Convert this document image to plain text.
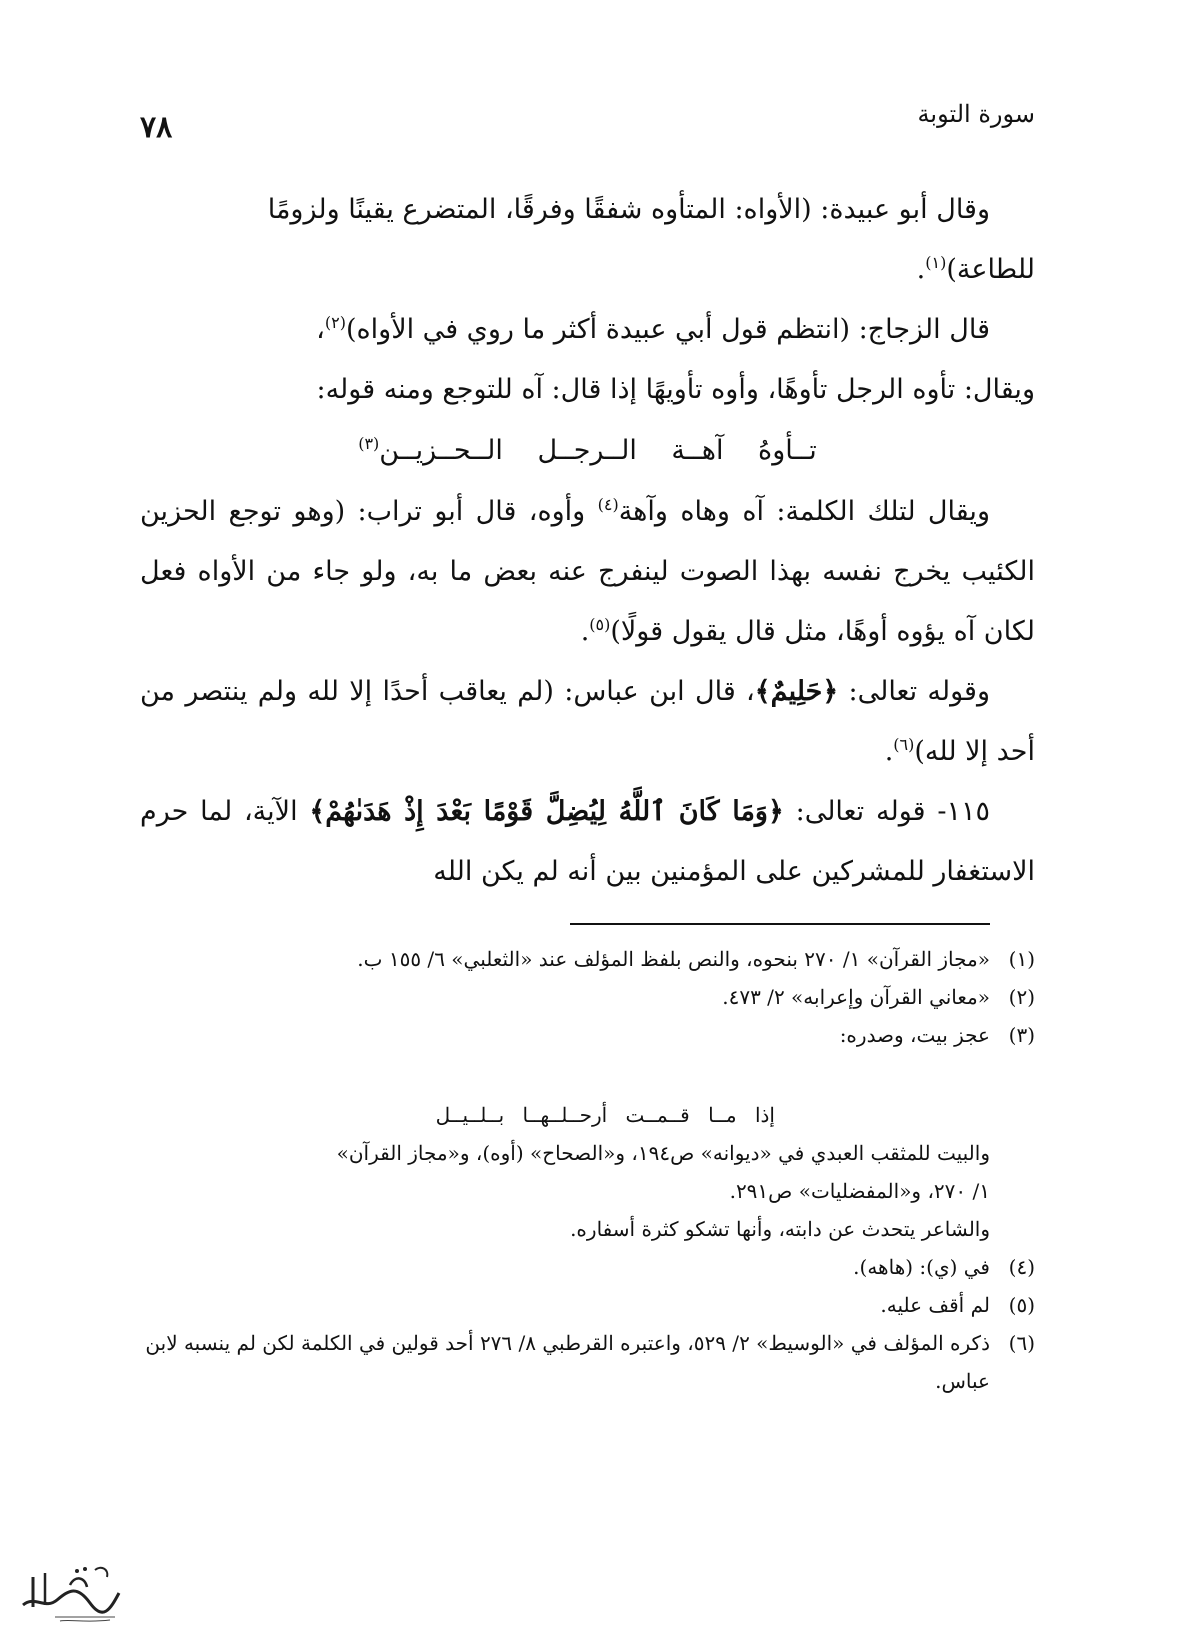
سورة التوبة
٧٨

وقال أبو عبيدة: (الأواه: المتأوه شفقًا وفرقًا، المتضرع يقينًا ولزومًا
للطاعة)$^{(١)}$.

قال الزجاج: (انتظم قول أبي عبيدة أكثر ما روي في الأواه)$^{(٢)}$،
ويقال: تأوه الرجل تأوهًا، وأوه تأويهًا إذا قال: آه للتوجع ومنه قوله:

تــأوهُ آهــة الــرجــل الــحــزيــن$^{(٣)}$

ويقال لتلك الكلمة: آه وهاه وآهة$^{(٤)}$ وأوه، قال أبو تراب: (وهو توجع الحزين الكئيب يخرج نفسه بهذا الصوت لينفرج عنه بعض ما به، ولو جاء من الأواه فعل لكان آه يؤوه أوهًا، مثل قال يقول قولًا)$^{(٥)}$.

وقوله تعالى: ﴿حَلِيمٌ﴾، قال ابن عباس: (لم يعاقب أحدًا إلا لله ولم ينتصر من أحد إلا لله)$^{(٦)}$.

١١٥- قوله تعالى: ﴿وَمَا كَانَ ٱللَّهُ لِيُضِلَّ قَوْمًا بَعْدَ إِذْ هَدَىٰهُمْ﴾ الآية، لما حرم الاستغفار للمشركين على المؤمنين بين أنه لم يكن الله

(١)
«مجاز القرآن» ١/ ٢٧٠ بنحوه، والنص بلفظ المؤلف عند «الثعلبي» ٦/ ١٥٥ ب.

(٢)
«معاني القرآن وإعرابه» ٢/ ٤٧٣.

(٣)
عجز بيت، وصدره:

إذا مــا قــمــت أرحــلــهــا بــلــيــل

والبيت للمثقب العبدي في «ديوانه» ص١٩٤، و«الصحاح» (أوه)، و«مجاز القرآن»

١/ ٢٧٠، و«المفضليات» ص٢٩١.

والشاعر يتحدث عن دابته، وأنها تشكو كثرة أسفاره.

(٤)
في (ي): (هاهه).

(٥)
لم أقف عليه.

(٦)
ذكره المؤلف في «الوسيط» ٢/ ٥٢٩، واعتبره القرطبي ٨/ ٢٧٦ أحد قولين في الكلمة لكن لم ينسبه لابن عباس.
